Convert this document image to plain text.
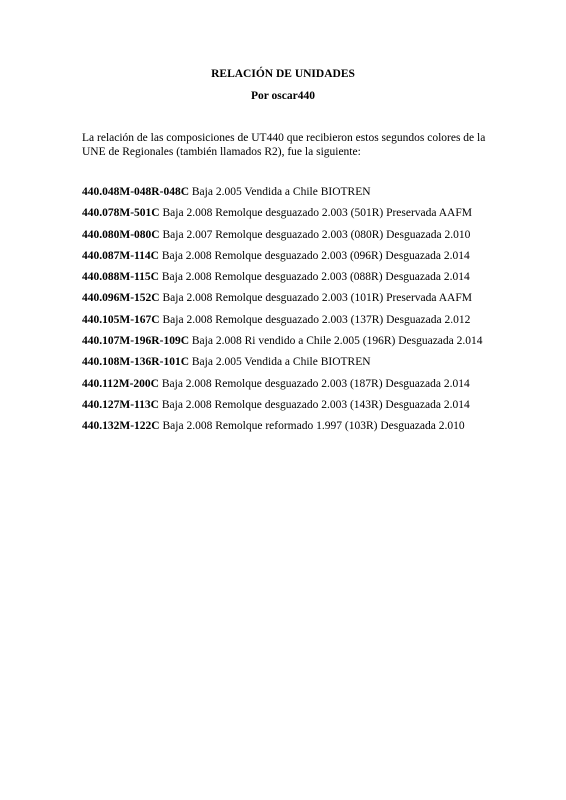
RELACIÓN DE UNIDADES

Por oscar440

La relación de las composiciones de UT440 que recibieron estos segundos colores de la UNE de Regionales (también llamados R2), fue la siguiente:

440.048M-048R-048C Baja 2.005 Vendida a Chile BIOTREN
440.078M-501C Baja 2.008 Remolque desguazado 2.003 (501R) Preservada AAFM
440.080M-080C Baja 2.007 Remolque desguazado 2.003 (080R) Desguazada 2.010
440.087M-114C Baja 2.008 Remolque desguazado 2.003 (096R) Desguazada 2.014
440.088M-115C Baja 2.008 Remolque desguazado 2.003 (088R) Desguazada 2.014
440.096M-152C Baja 2.008 Remolque desguazado 2.003 (101R) Preservada AAFM
440.105M-167C Baja 2.008 Remolque desguazado 2.003 (137R) Desguazada 2.012
440.107M-196R-109C Baja 2.008 Ri vendido a Chile 2.005 (196R) Desguazada 2.014
440.108M-136R-101C Baja 2.005 Vendida a Chile BIOTREN
440.112M-200C Baja 2.008 Remolque desguazado 2.003 (187R) Desguazada 2.014
440.127M-113C Baja 2.008 Remolque desguazado 2.003 (143R) Desguazada 2.014
440.132M-122C Baja 2.008 Remolque reformado 1.997 (103R) Desguazada 2.010
